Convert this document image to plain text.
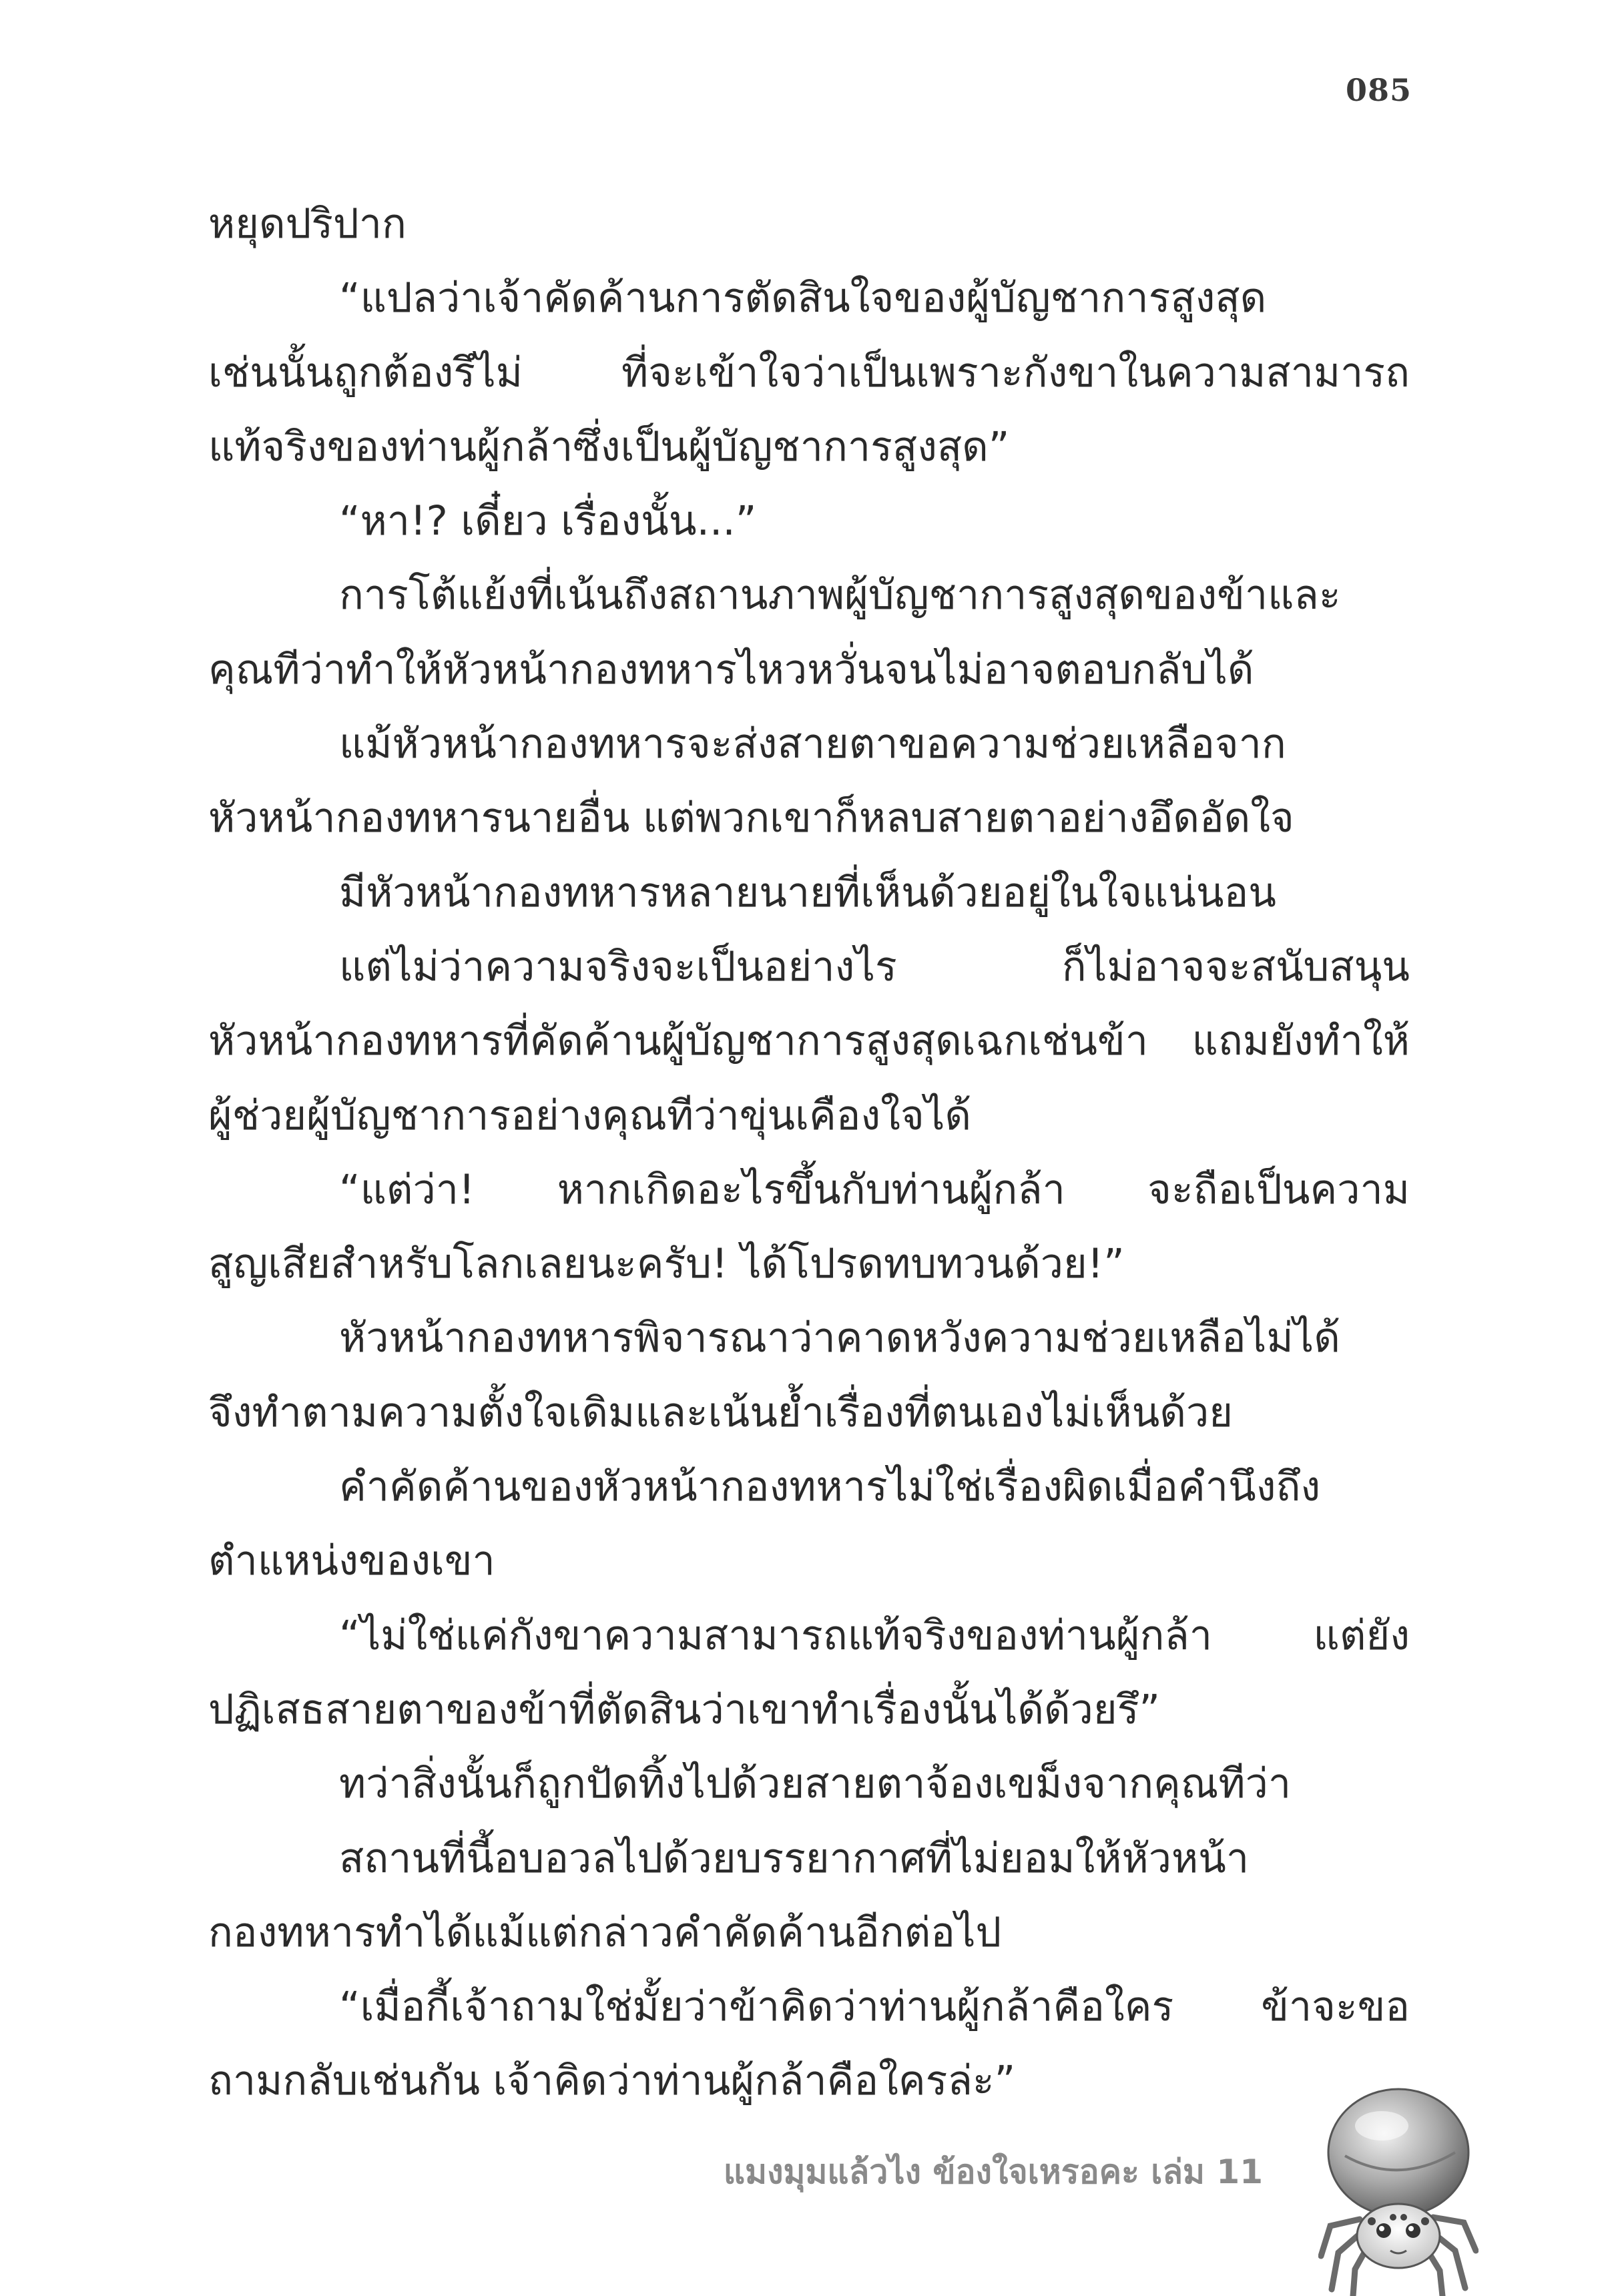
085
หยุดปริปาก
“แปลว่าเจ้าคัดค้านการตัดสินใจของผู้บัญชาการสูงสุด
เช่นนั้นถูกต้องรึไม่ ที่จะเข้าใจว่าเป็นเพราะกังขาในความสามารถ
แท้จริงของท่านผู้กล้าซึ่งเป็นผู้บัญชาการสูงสุด”
“หา!? เดี๋ยว เรื่องนั้น...”
การโต้แย้งที่เน้นถึงสถานภาพผู้บัญชาการสูงสุดของข้าและ
คุณทีว่าทำให้หัวหน้ากองทหารไหวหวั่นจนไม่อาจตอบกลับได้
แม้หัวหน้ากองทหารจะส่งสายตาขอความช่วยเหลือจาก
หัวหน้ากองทหารนายอื่น แต่พวกเขาก็หลบสายตาอย่างอึดอัดใจ
มีหัวหน้ากองทหารหลายนายที่เห็นด้วยอยู่ในใจแน่นอน
แต่ไม่ว่าความจริงจะเป็นอย่างไร ก็ไม่อาจจะสนับสนุน
หัวหน้ากองทหารที่คัดค้านผู้บัญชาการสูงสุดเฉกเช่นข้า แถมยังทำให้
ผู้ช่วยผู้บัญชาการอย่างคุณทีว่าขุ่นเคืองใจได้
“แต่ว่า! หากเกิดอะไรขึ้นกับท่านผู้กล้า จะถือเป็นความ
สูญเสียสำหรับโลกเลยนะครับ! ได้โปรดทบทวนด้วย!”
หัวหน้ากองทหารพิจารณาว่าคาดหวังความช่วยเหลือไม่ได้
จึงทำตามความตั้งใจเดิมและเน้นย้ำเรื่องที่ตนเองไม่เห็นด้วย
คำคัดค้านของหัวหน้ากองทหารไม่ใช่เรื่องผิดเมื่อคำนึงถึง
ตำแหน่งของเขา
“ไม่ใช่แค่กังขาความสามารถแท้จริงของท่านผู้กล้า แต่ยัง
ปฏิเสธสายตาของข้าที่ตัดสินว่าเขาทำเรื่องนั้นได้ด้วยรึ”
ทว่าสิ่งนั้นก็ถูกปัดทิ้งไปด้วยสายตาจ้องเขม็งจากคุณทีว่า
สถานที่นี้อบอวลไปด้วยบรรยากาศที่ไม่ยอมให้หัวหน้า
กองทหารทำได้แม้แต่กล่าวคำคัดค้านอีกต่อไป
“เมื่อกี้เจ้าถามใช่มั้ยว่าข้าคิดว่าท่านผู้กล้าคือใคร ข้าจะขอ
ถามกลับเช่นกัน เจ้าคิดว่าท่านผู้กล้าคือใครล่ะ”
แมงมุมแล้วไง ข้องใจเหรอคะ เล่ม 11
